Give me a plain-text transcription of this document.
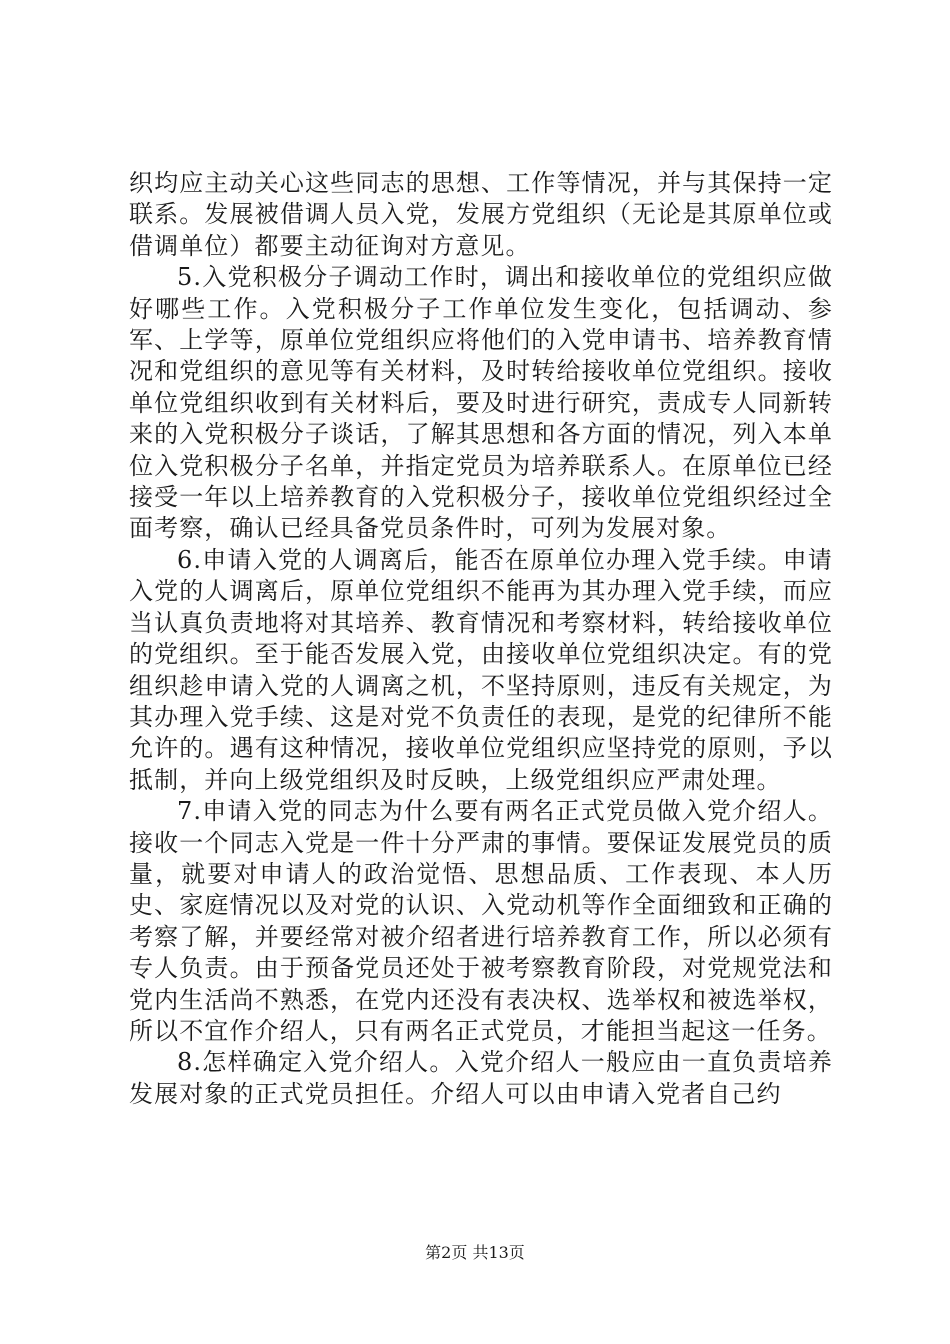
织均应主动关心这些同志的思想、工作等情况，并与其保持一定联系。发展被借调人员入党，发展方党组织（无论是其原单位或借调单位）都要主动征询对方意见。

5.入党积极分子调动工作时，调出和接收单位的党组织应做好哪些工作。入党积极分子工作单位发生变化，包括调动、参军、上学等，原单位党组织应将他们的入党申请书、培养教育情况和党组织的意见等有关材料，及时转给接收单位党组织。接收单位党组织收到有关材料后，要及时进行研究，责成专人同新转来的入党积极分子谈话，了解其思想和各方面的情况，列入本单位入党积极分子名单，并指定党员为培养联系人。在原单位已经接受一年以上培养教育的入党积极分子，接收单位党组织经过全面考察，确认已经具备党员条件时，可列为发展对象。

6.申请入党的人调离后，能否在原单位办理入党手续。申请入党的人调离后，原单位党组织不能再为其办理入党手续，而应当认真负责地将对其培养、教育情况和考察材料，转给接收单位的党组织。至于能否发展入党，由接收单位党组织决定。有的党组织趁申请入党的人调离之机，不坚持原则，违反有关规定，为其办理入党手续、这是对党不负责任的表现，是党的纪律所不能允许的。遇有这种情况，接收单位党组织应坚持党的原则，予以抵制，并向上级党组织及时反映，上级党组织应严肃处理。

7.申请入党的同志为什么要有两名正式党员做入党介绍人。接收一个同志入党是一件十分严肃的事情。要保证发展党员的质量，就要对申请人的政治觉悟、思想品质、工作表现、本人历史、家庭情况以及对党的认识、入党动机等作全面细致和正确的考察了解，并要经常对被介绍者进行培养教育工作，所以必须有专人负责。由于预备党员还处于被考察教育阶段，对党规党法和党内生活尚不熟悉，在党内还没有表决权、选举权和被选举权，所以不宜作介绍人，只有两名正式党员，才能担当起这一任务。

8.怎样确定入党介绍人。入党介绍人一般应由一直负责培养发展对象的正式党员担任。介绍人可以由申请入党者自己约

第2页 共13页
